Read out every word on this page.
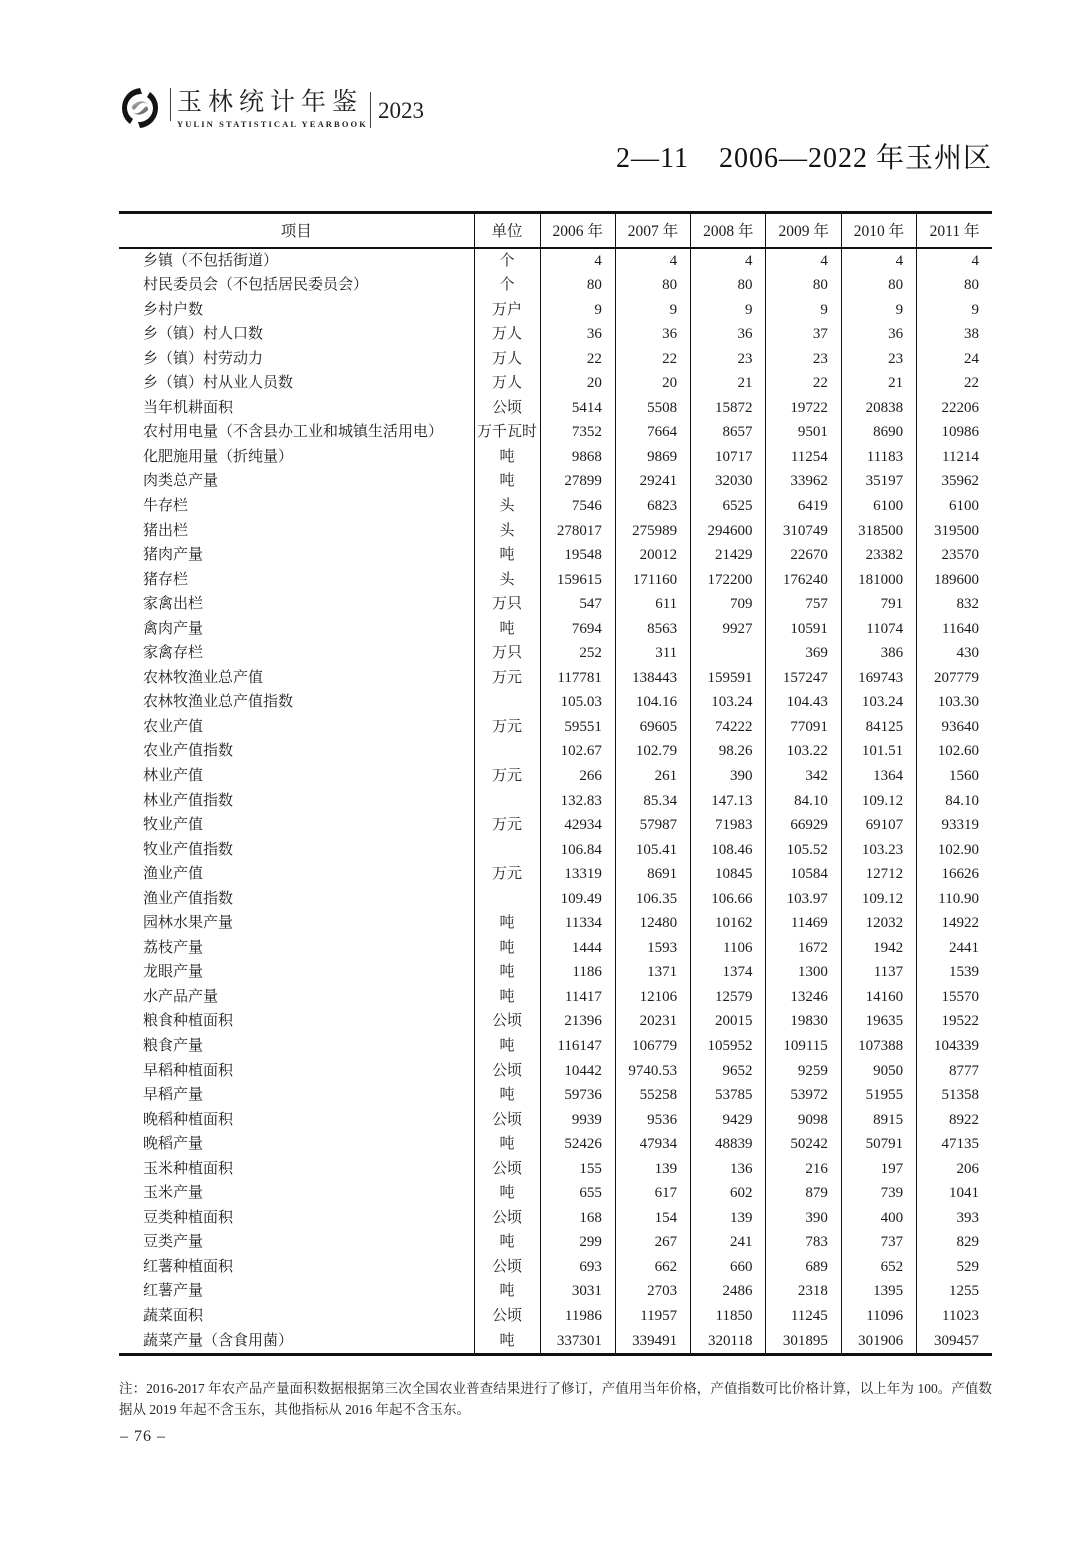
玉林统计年鉴
YULIN STATISTICAL YEARBOOK
2023
2—11 2006—2022 年玉州区
项目	单位	2006 年	2007 年	2008 年	2009 年	2010 年	2011 年
乡镇（不包括街道）	个	4	4	4	4	4	4
村民委员会（不包括居民委员会）	个	80	80	80	80	80	80
乡村户数	万户	9	9	9	9	9	9
乡（镇）村人口数	万人	36	36	36	37	36	38
乡（镇）村劳动力	万人	22	22	23	23	23	24
乡（镇）村从业人员数	万人	20	20	21	22	21	22
当年机耕面积	公顷	5414	5508	15872	19722	20838	22206
农村用电量（不含县办工业和城镇生活用电）	万千瓦时	7352	7664	8657	9501	8690	10986
化肥施用量（折纯量）	吨	9868	9869	10717	11254	11183	11214
肉类总产量	吨	27899	29241	32030	33962	35197	35962
牛存栏	头	7546	6823	6525	6419	6100	6100
猪出栏	头	278017	275989	294600	310749	318500	319500
猪肉产量	吨	19548	20012	21429	22670	23382	23570
猪存栏	头	159615	171160	172200	176240	181000	189600
家禽出栏	万只	547	611	709	757	791	832
禽肉产量	吨	7694	8563	9927	10591	11074	11640
家禽存栏	万只	252	311		369	386	430
农林牧渔业总产值	万元	117781	138443	159591	157247	169743	207779
农林牧渔业总产值指数		105.03	104.16	103.24	104.43	103.24	103.30
农业产值	万元	59551	69605	74222	77091	84125	93640
农业产值指数		102.67	102.79	98.26	103.22	101.51	102.60
林业产值	万元	266	261	390	342	1364	1560
林业产值指数		132.83	85.34	147.13	84.10	109.12	84.10
牧业产值	万元	42934	57987	71983	66929	69107	93319
牧业产值指数		106.84	105.41	108.46	105.52	103.23	102.90
渔业产值	万元	13319	8691	10845	10584	12712	16626
渔业产值指数		109.49	106.35	106.66	103.97	109.12	110.90
园林水果产量	吨	11334	12480	10162	11469	12032	14922
荔枝产量	吨	1444	1593	1106	1672	1942	2441
龙眼产量	吨	1186	1371	1374	1300	1137	1539
水产品产量	吨	11417	12106	12579	13246	14160	15570
粮食种植面积	公顷	21396	20231	20015	19830	19635	19522
粮食产量	吨	116147	106779	105952	109115	107388	104339
早稻种植面积	公顷	10442	9740.53	9652	9259	9050	8777
早稻产量	吨	59736	55258	53785	53972	51955	51358
晚稻种植面积	公顷	9939	9536	9429	9098	8915	8922
晚稻产量	吨	52426	47934	48839	50242	50791	47135
玉米种植面积	公顷	155	139	136	216	197	206
玉米产量	吨	655	617	602	879	739	1041
豆类种植面积	公顷	168	154	139	390	400	393
豆类产量	吨	299	267	241	783	737	829
红薯种植面积	公顷	693	662	660	689	652	529
红薯产量	吨	3031	2703	2486	2318	1395	1255
蔬菜面积	公顷	11986	11957	11850	11245	11096	11023
蔬菜产量（含食用菌）	吨	337301	339491	320118	301895	301906	309457
注：2016-2017 年农产品产量面积数据根据第三次全国农业普查结果进行了修订，产值用当年价格，产值指数可比价格计算，以上年为 100。产值数据从 2019 年起不含玉东，其他指标从 2016 年起不含玉东。
– 76 –
